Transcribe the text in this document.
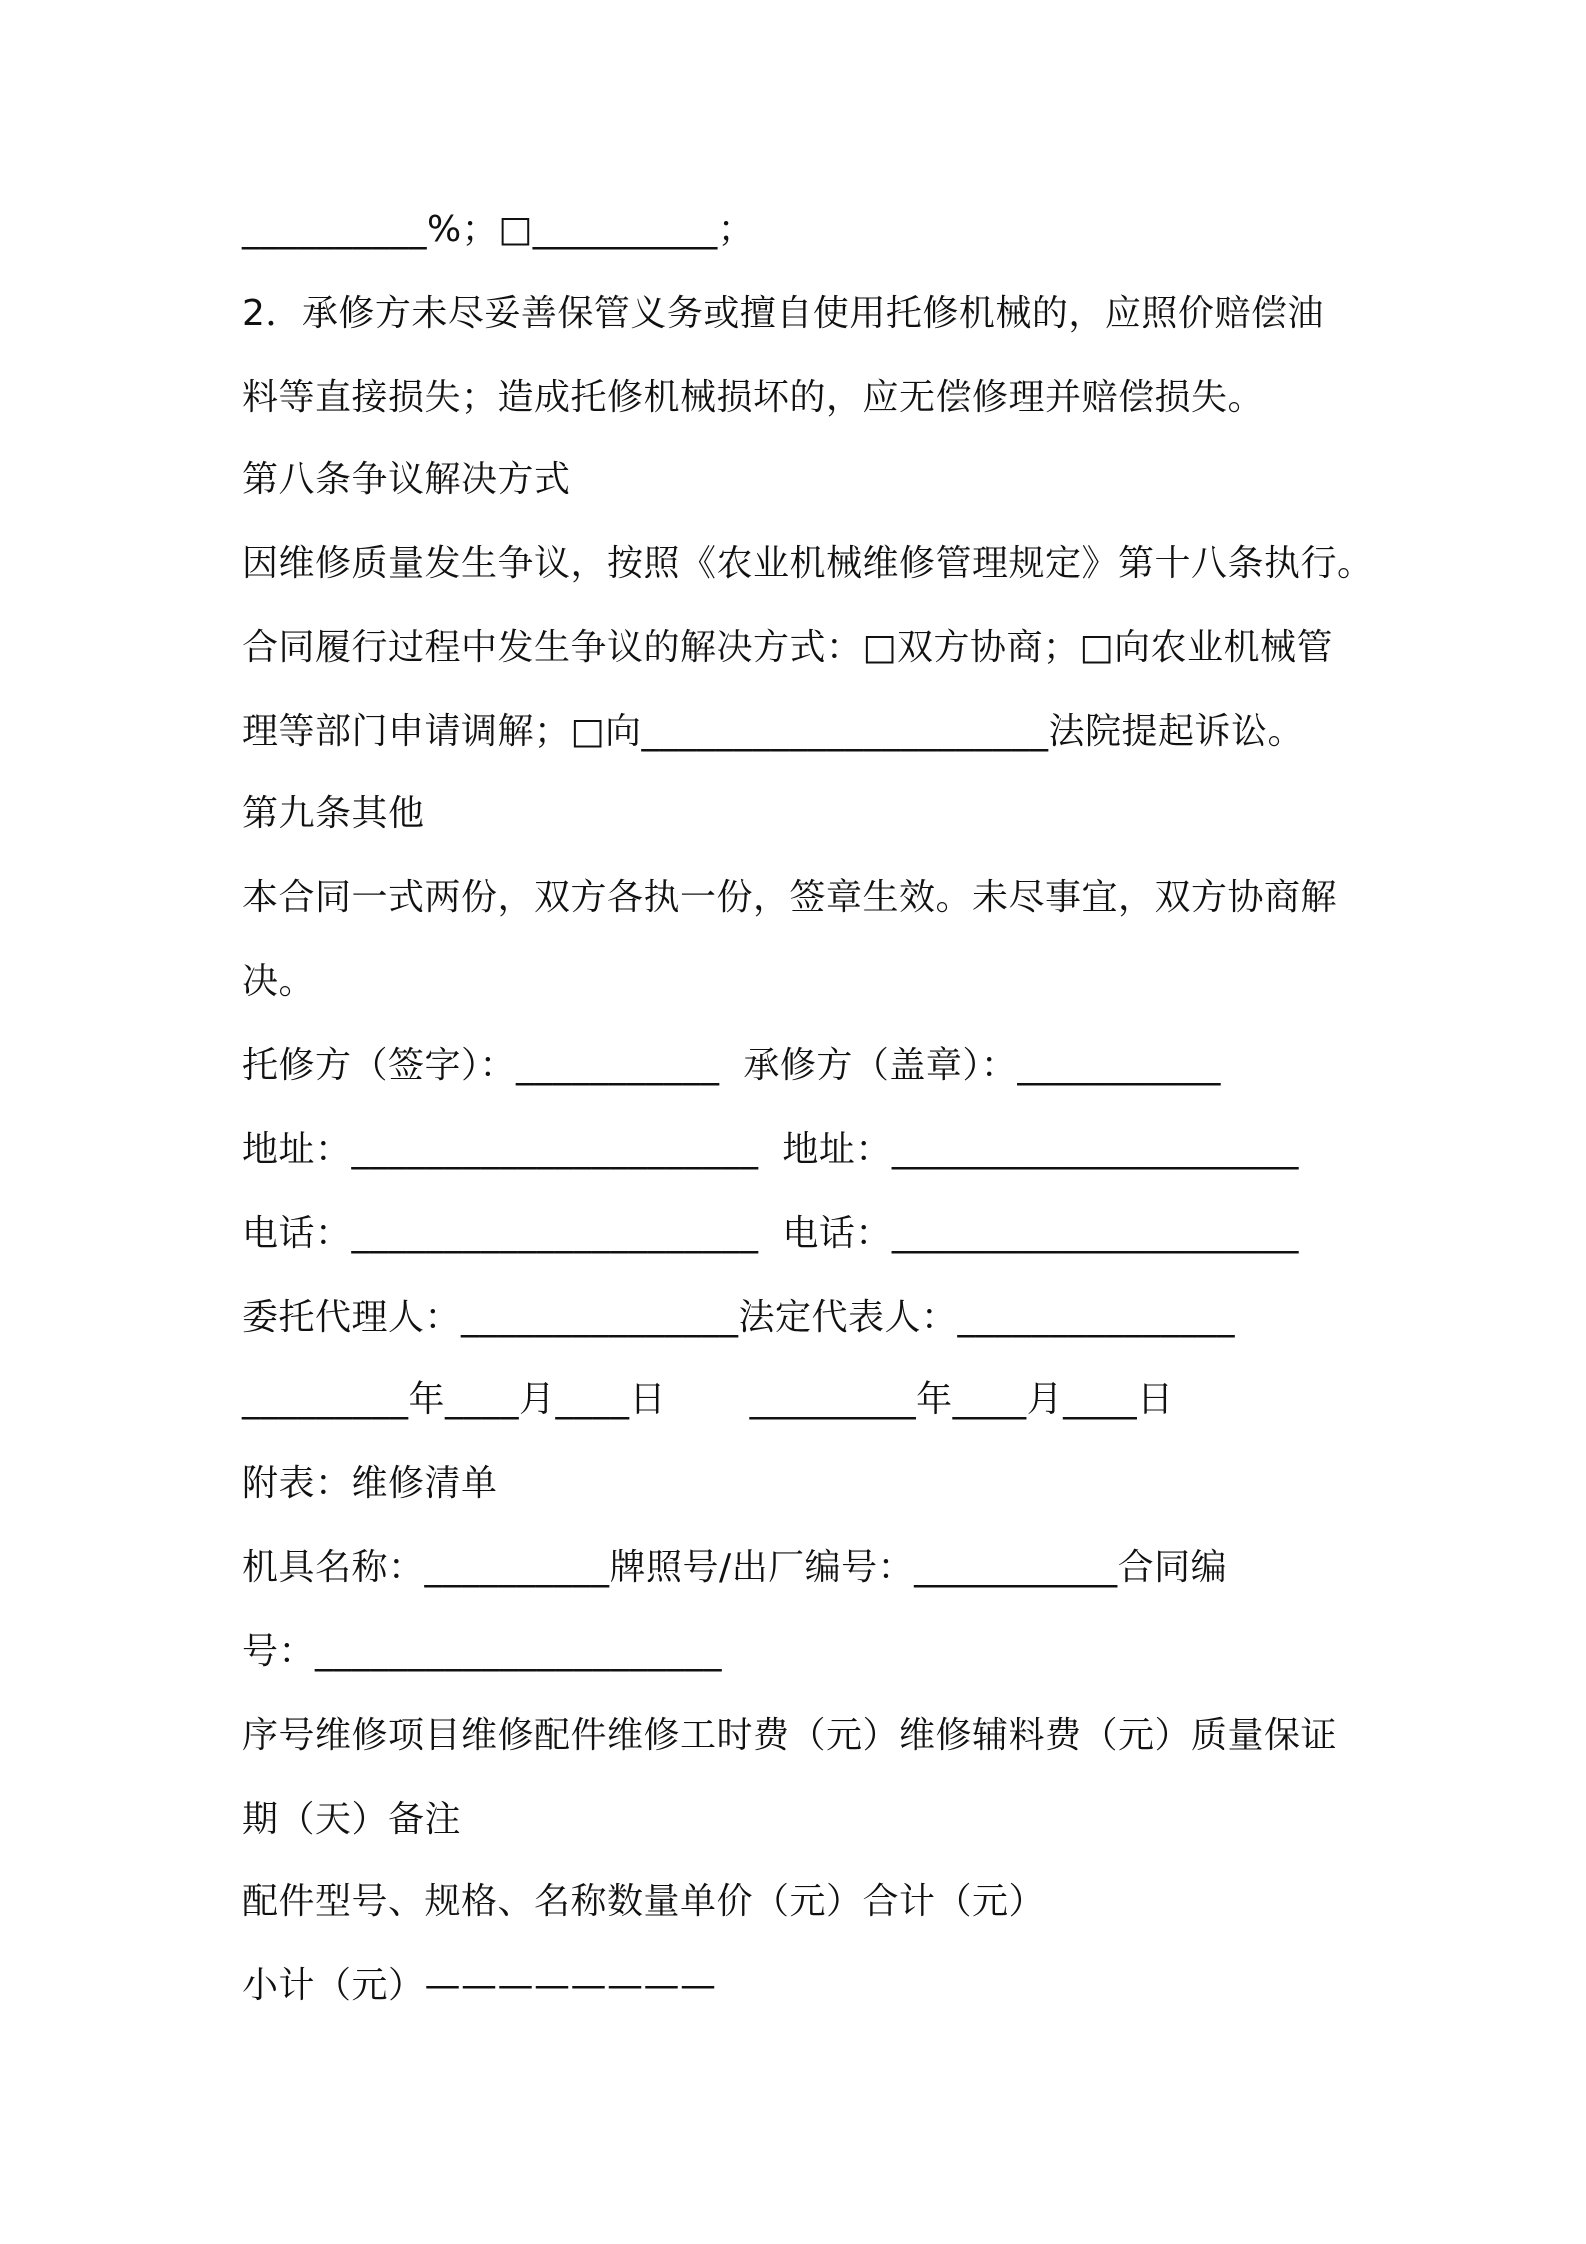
__________%；□__________；
2．承修方未尽妥善保管义务或擅自使用托修机械的，应照价赔偿油
料等直接损失；造成托修机械损坏的，应无偿修理并赔偿损失。
第八条争议解决方式
因维修质量发生争议，按照《农业机械维修管理规定》第十八条执行。
合同履行过程中发生争议的解决方式：□双方协商；□向农业机械管
理等部门申请调解；□向______________________法院提起诉讼。
第九条其他
本合同一式两份，双方各执一份，签章生效。未尽事宜，双方协商解
决。
托修方（签字）：___________  承修方（盖章）：___________
地址：______________________  地址：______________________
电话：______________________  电话：______________________
委托代理人：_______________法定代表人：_______________
_________年____月____日       _________年____月____日
附表：维修清单
机具名称：__________牌照号/出厂编号：___________合同编
号：______________________
序号维修项目维修配件维修工时费（元）维修辅料费（元）质量保证
期（天）备注
配件型号、规格、名称数量单价（元）合计（元）
小计（元）————————
